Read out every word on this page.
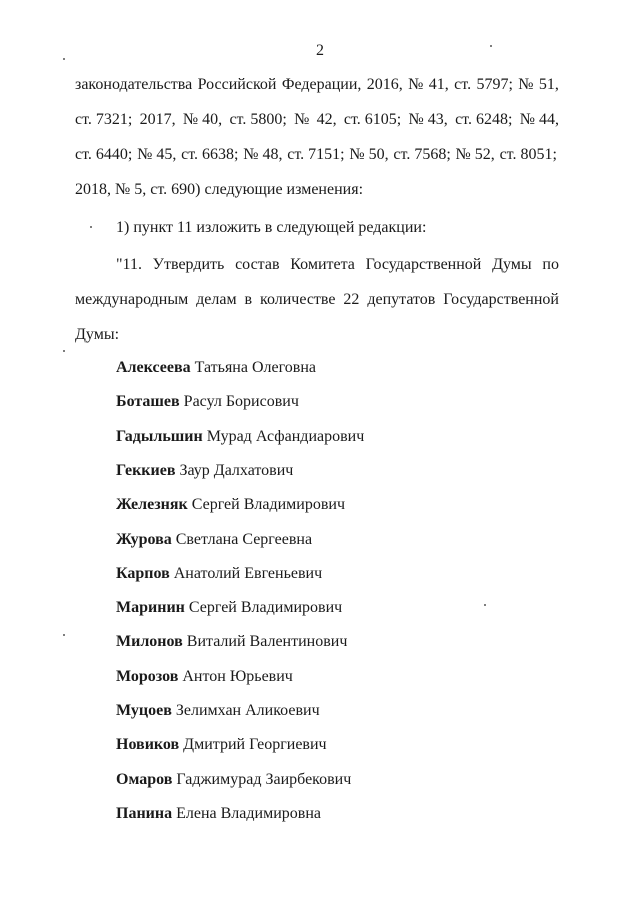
2
законодательства Российской Федерации, 2016, № 41, ст. 5797; № 51,
ст. 7321; 2017, № 40, ст. 5800; № 42, ст. 6105; № 43, ст. 6248; № 44,
ст. 6440; № 45, ст. 6638; № 48, ст. 7151; № 50, ст. 7568; № 52, ст. 8051;
2018, № 5, ст. 690) следующие изменения:
1) пункт 11 изложить в следующей редакции:
"11. Утвердить состав Комитета Государственной Думы по
международным делам в количестве 22 депутатов Государственной
Думы:
Алексеева Татьяна Олеговна
Боташев Расул Борисович
Гадыльшин Мурад Асфандиарович
Геккиев Заур Далхатович
Железняк Сергей Владимирович
Журова Светлана Сергеевна
Карпов Анатолий Евгеньевич
Маринин Сергей Владимирович
Милонов Виталий Валентинович
Морозов Антон Юрьевич
Муцоев Зелимхан Аликоевич
Новиков Дмитрий Георгиевич
Омаров Гаджимурад Заирбекович
Панина Елена Владимировна
